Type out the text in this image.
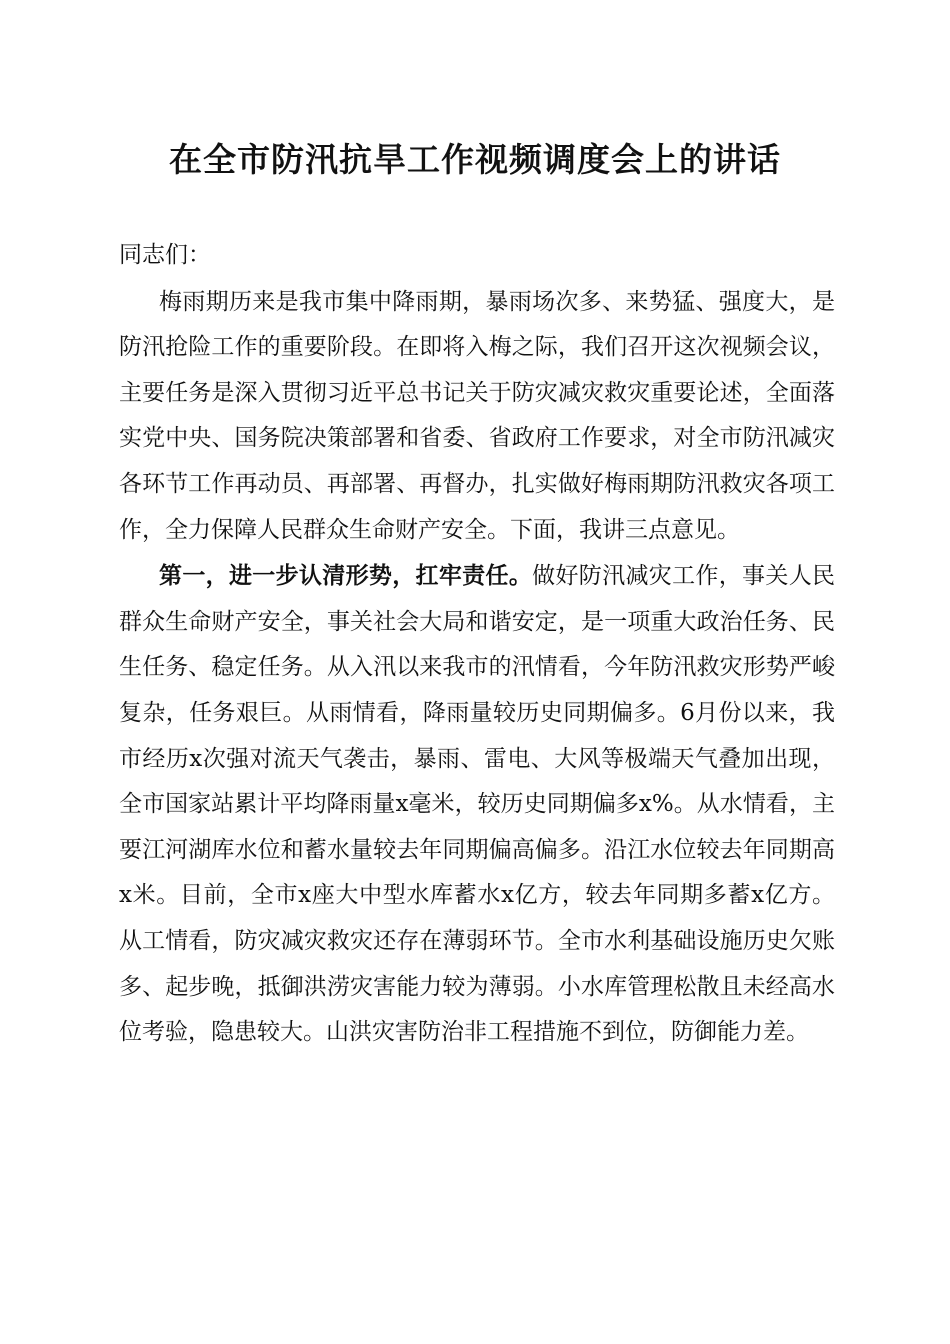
在全市防汛抗旱工作视频调度会上的讲话

同志们：

梅雨期历来是我市集中降雨期，暴雨场次多、来势猛、强度大，是防汛抢险工作的重要阶段。在即将入梅之际，我们召开这次视频会议，主要任务是深入贯彻习近平总书记关于防灾减灾救灾重要论述，全面落实党中央、国务院决策部署和省委、省政府工作要求，对全市防汛减灾各环节工作再动员、再部署、再督办，扎实做好梅雨期防汛救灾各项工作，全力保障人民群众生命财产安全。下面，我讲三点意见。

第一，进一步认清形势，扛牢责任。做好防汛减灾工作，事关人民群众生命财产安全，事关社会大局和谐安定，是一项重大政治任务、民生任务、稳定任务。从入汛以来我市的汛情看，今年防汛救灾形势严峻复杂，任务艰巨。从雨情看，降雨量较历史同期偏多。6月份以来，我市经历x次强对流天气袭击，暴雨、雷电、大风等极端天气叠加出现，全市国家站累计平均降雨量x毫米，较历史同期偏多x%。从水情看，主要江河湖库水位和蓄水量较去年同期偏高偏多。沿江水位较去年同期高x米。目前，全市x座大中型水库蓄水x亿方，较去年同期多蓄x亿方。从工情看，防灾减灾救灾还存在薄弱环节。全市水利基础设施历史欠账多、起步晚，抵御洪涝灾害能力较为薄弱。小水库管理松散且未经高水位考验，隐患较大。山洪灾害防治非工程措施不到位，防御能力差。
